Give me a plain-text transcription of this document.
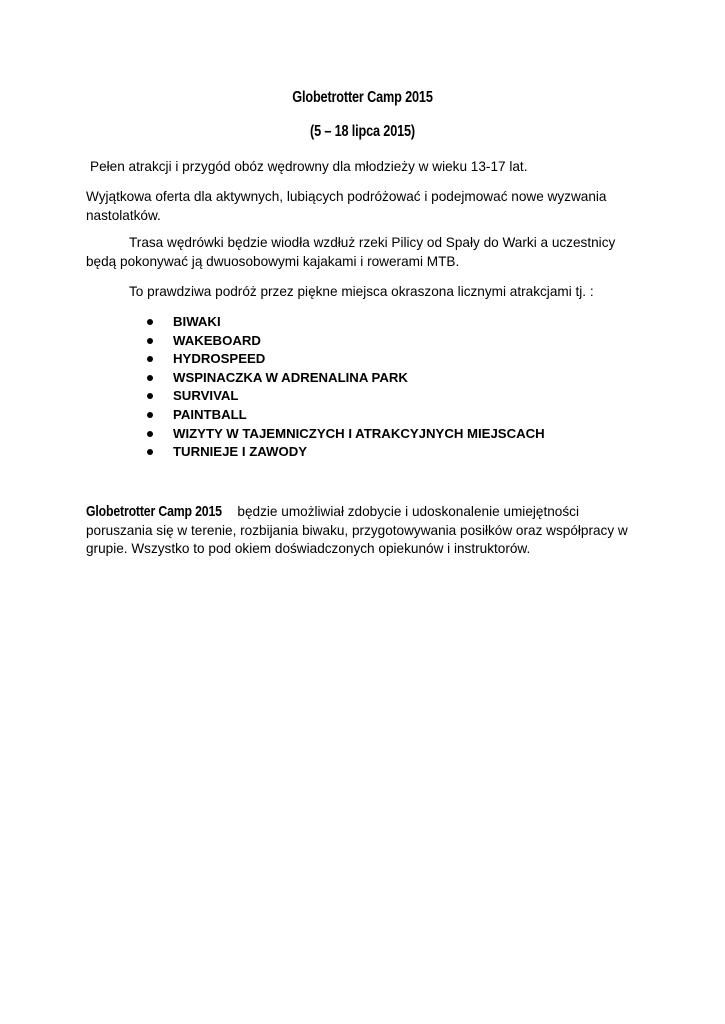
Globetrotter Camp 2015
(5 – 18 lipca 2015)
Pełen atrakcji i przygód obóz wędrowny dla młodzieży w wieku 13-17 lat.
Wyjątkowa oferta dla aktywnych, lubiących podróżować i podejmować nowe wyzwania nastolatków.
Trasa wędrówki będzie wiodła wzdłuż rzeki Pilicy od Spały do Warki a uczestnicy będą pokonywać ją dwuosobowymi kajakami i rowerami MTB.
To prawdziwa podróż przez piękne miejsca okraszona licznymi atrakcjami tj. :
BIWAKI
WAKEBOARD
HYDROSPEED
WSPINACZKA W ADRENALINA PARK
SURVIVAL
PAINTBALL
WIZYTY W TAJEMNICZYCH I ATRAKCYJNYCH MIEJSCACH
TURNIEJE I ZAWODY
Globetrotter Camp 2015 będzie umożliwiał zdobycie i udoskonalenie umiejętności poruszania się w terenie, rozbijania biwaku, przygotowywania posiłków oraz współpracy w grupie. Wszystko to pod okiem doświadczonych opiekunów i instruktorów.
